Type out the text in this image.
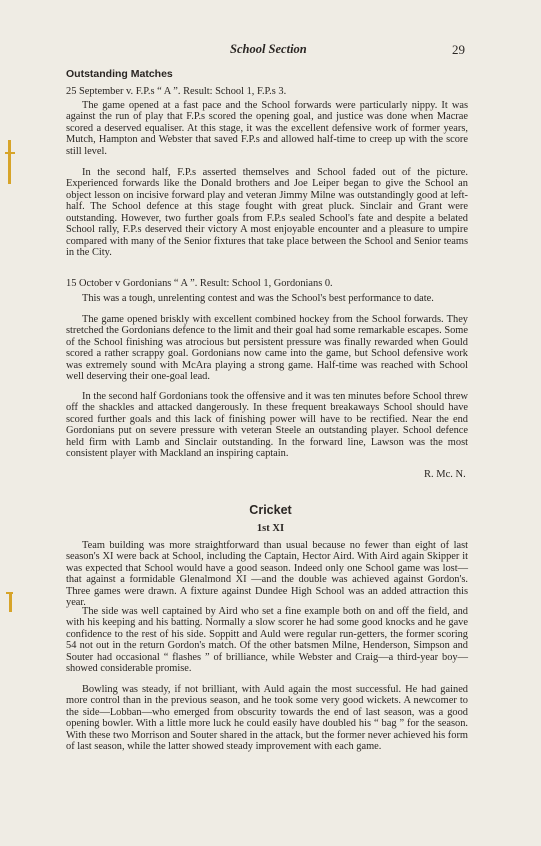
School Section	29
Outstanding Matches

25 September v. F.P.s “ A ”. Result: School 1, F.P.s 3.

The game opened at a fast pace and the School forwards were particularly nippy. It was against the run of play that F.P.s scored the opening goal, and justice was done when Macrae scored a deserved equaliser. At this stage, it was the excellent defensive work of former years, Mutch, Hampton and Webster that saved F.P.s and allowed half-time to creep up with the score still level.

In the second half, F.P.s asserted themselves and School faded out of the picture. Experienced forwards like the Donald brothers and Joe Leiper began to give the School an object lesson on incisive forward play and veteran Jimmy Milne was outstandingly good at left-half. The School defence at this stage fought with great pluck. Sinclair and Grant were outstanding. However, two further goals from F.P.s sealed School's fate and despite a belated School rally, F.P.s deserved their victory A most enjoyable encounter and a pleasure to umpire compared with many of the Senior fixtures that take place between the School and Senior teams in the City.

15 October v Gordonians “ A ”. Result: School 1, Gordonians 0.

This was a tough, unrelenting contest and was the School's best performance to date.

The game opened briskly with excellent combined hockey from the School forwards. They stretched the Gordonians defence to the limit and their goal had some remarkable escapes. Some of the School finishing was atrocious but persistent pressure was finally rewarded when Gould scored a rather scrappy goal. Gordonians now came into the game, but School defensive work was extremely sound with McAra playing a strong game. Half-time was reached with School well deserving their one-goal lead.

In the second half Gordonians took the offensive and it was ten minutes before School threw off the shackles and attacked dangerously. In these frequent breakaways School should have scored further goals and this lack of finishing power will have to be rectified. Near the end Gordonians put on severe pressure with veteran Steele an outstanding player. School defence held firm with Lamb and Sinclair outstanding. In the forward line, Lawson was the most consistent player with Mackland an inspiring captain.

R. Mc. N.
Cricket
1st XI

Team building was more straightforward than usual because no fewer than eight of last season's XI were back at School, including the Captain, Hector Aird. With Aird again Skipper it was expected that School would have a good season. Indeed only one School game was lost—that against a formidable Glenalmond XI —and the double was achieved against Gordon's. Three games were drawn. A fixture against Dundee High School was an added attraction this year.

The side was well captained by Aird who set a fine example both on and off the field, and with his keeping and his batting. Normally a slow scorer he had some good knocks and he gave confidence to the rest of his side. Soppitt and Auld were regular run-getters, the former scoring 54 not out in the return Gordon's match. Of the other batsmen Milne, Henderson, Simpson and Souter had occasional “ flashes ” of brilliance, while Webster and Craig—a third-year boy—showed considerable promise.

Bowling was steady, if not brilliant, with Auld again the most successful. He had gained more control than in the previous season, and he took some very good wickets. A newcomer to the side—Lobban—who emerged from obscurity towards the end of last season, was a good opening bowler. With a little more luck he could easily have doubled his “ bag ” for the season. With these two Morrison and Souter shared in the attack, but the former never achieved his form of last season, while the latter showed steady improvement with each game.
